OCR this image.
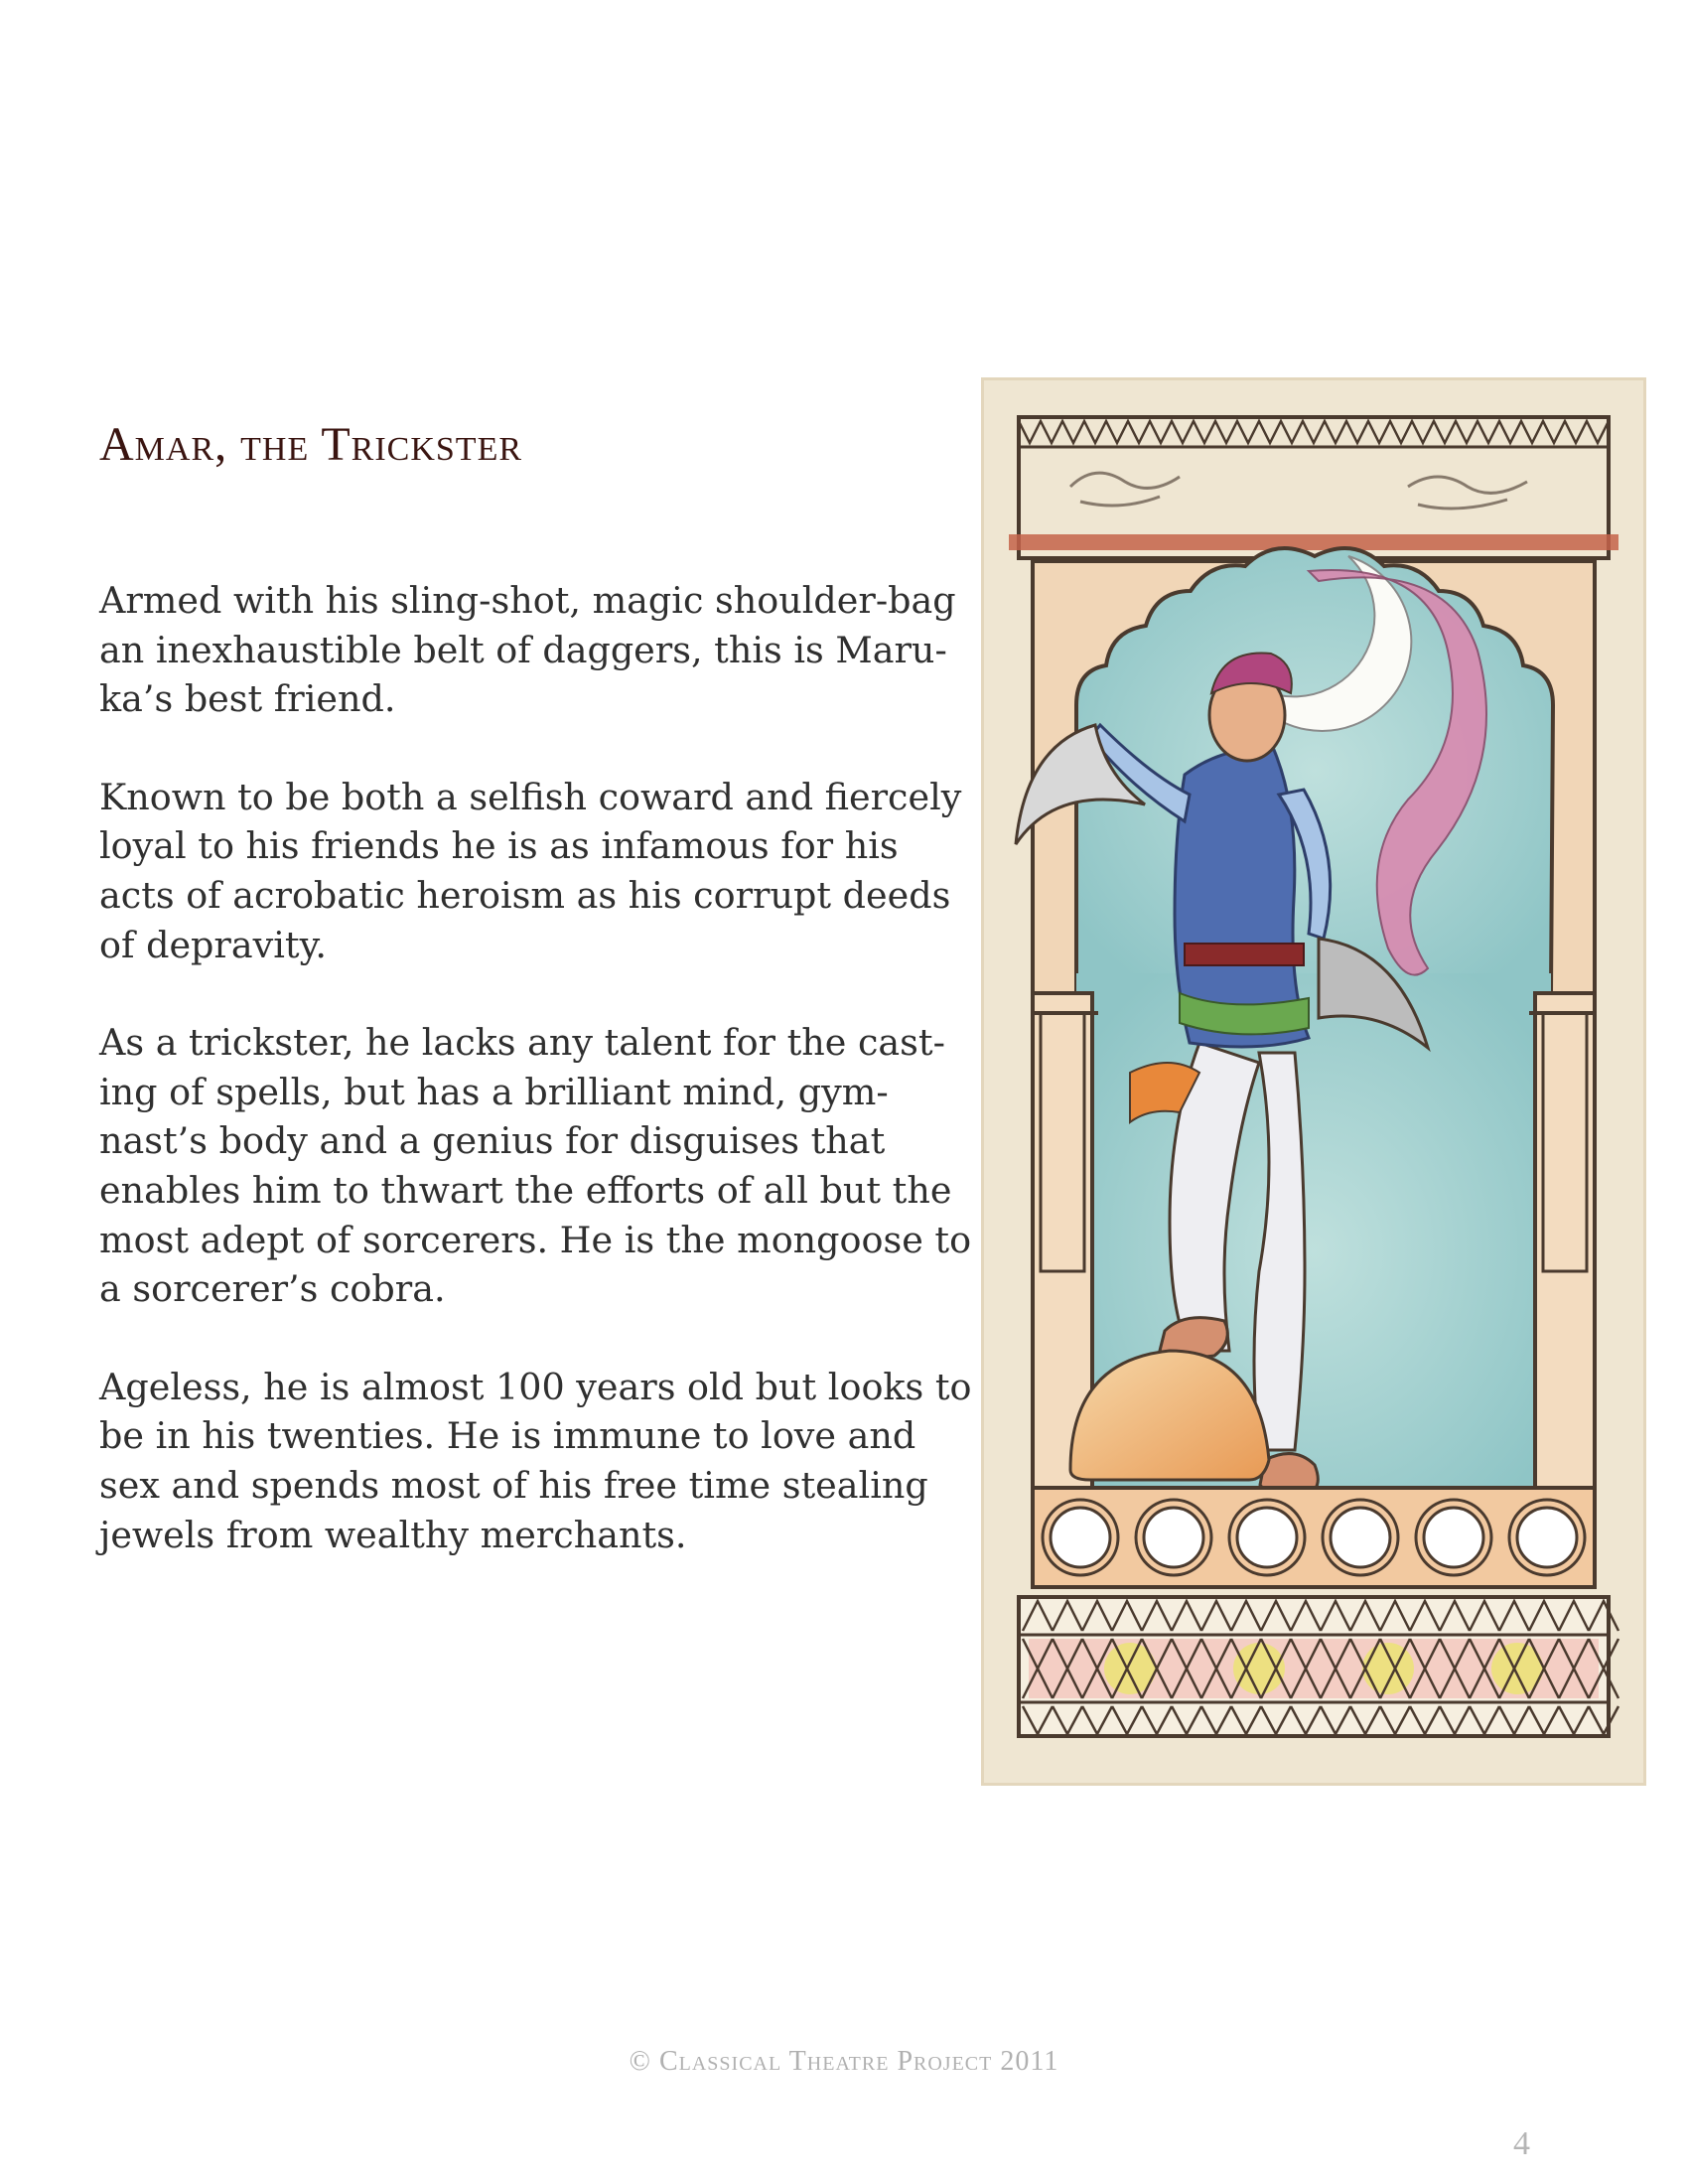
Amar, the Trickster

Armed with his sling-shot, magic shoulder-bag an inexhaustible belt of daggers, this is Maru-ka’s best friend.

Known to be both a selfish coward and fiercely loyal to his friends he is as infamous for his acts of acrobatic heroism as his corrupt deeds of depravity.

As a trickster, he lacks any talent for the cast-ing of spells, but has a brilliant mind, gym-nast’s body and a genius for disguises that enables him to thwart the efforts of all but the most adept of sorcerers. He is the mongoose to a sorcerer’s cobra.

Ageless, he is almost 100 years old but looks to be in his twenties. He is immune to love and sex and spends most of his free time stealing jewels from wealthy merchants.

© Classical Theatre Project 2011
4
